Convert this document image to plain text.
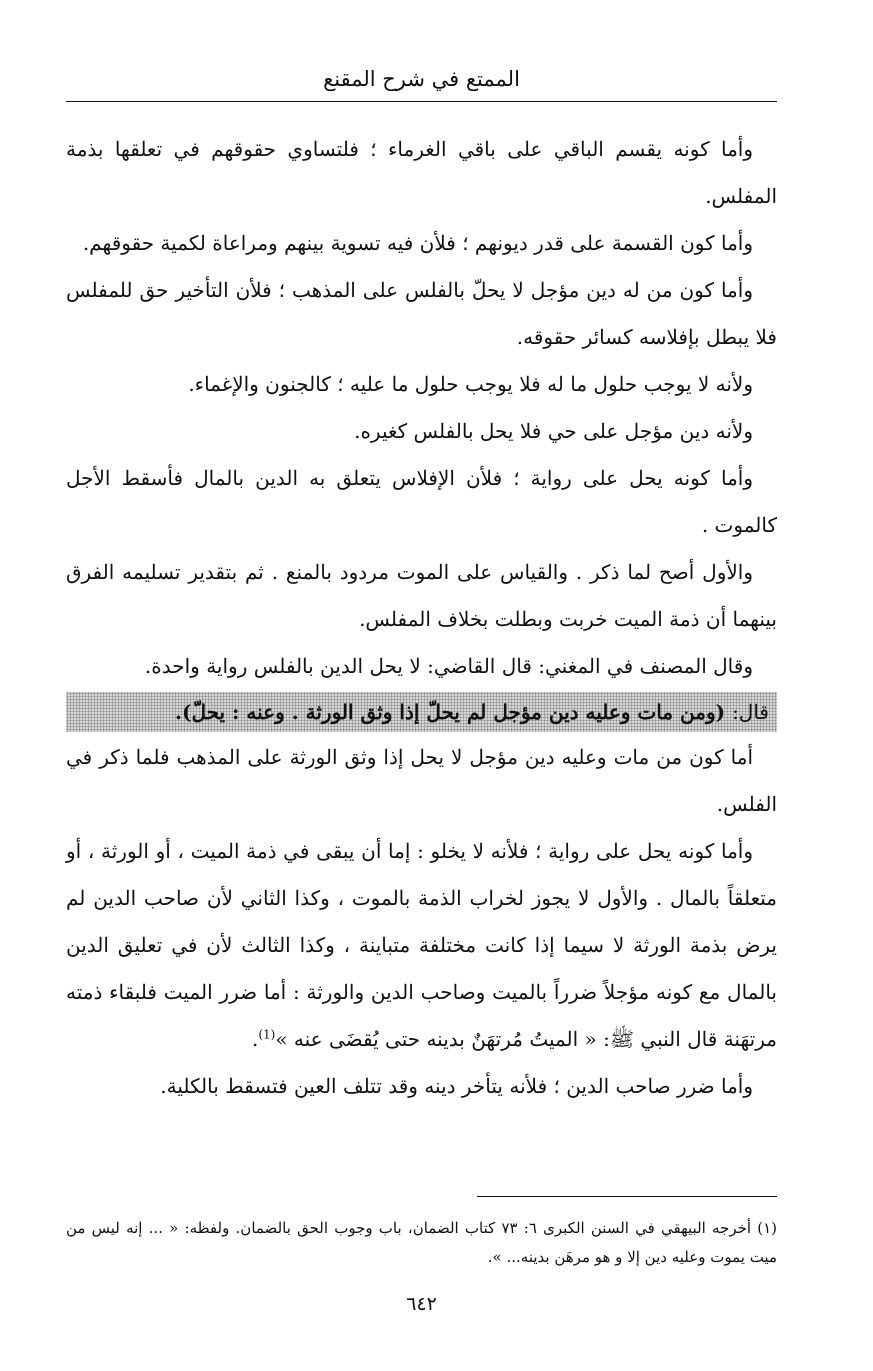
الممتع في شرح المقنع

وأما كونه يقسم الباقي على باقي الغرماء ؛ فلتساوي حقوقهم في تعلقها بذمة المفلس.

وأما كون القسمة على قدر ديونهم ؛ فلأن فيه تسوية بينهم ومراعاة لكمية حقوقهم.

وأما كون من له دين مؤجل لا يحلّ بالفلس على المذهب ؛ فلأن التأخير حق للمفلس فلا يبطل بإفلاسه كسائر حقوقه.

ولأنه لا يوجب حلول ما له فلا يوجب حلول ما عليه ؛ كالجنون والإغماء.

ولأنه دين مؤجل على حي فلا يحل بالفلس كغيره.

وأما كونه يحل على رواية ؛ فلأن الإفلاس يتعلق به الدين بالمال فأسقط الأجل كالموت .

والأول أصح لما ذكر . والقياس على الموت مردود بالمنع . ثم بتقدير تسليمه الفرق بينهما أن ذمة الميت خربت وبطلت بخلاف المفلس.

وقال المصنف في المغني: قال القاضي: لا يحل الدين بالفلس رواية واحدة.

قال: (ومن مات وعليه دين مؤجل لم يحلّ إذا وثق الورثة . وعنه : يحلّ).

أما كون من مات وعليه دين مؤجل لا يحل إذا وثق الورثة على المذهب فلما ذكر في الفلس.

وأما كونه يحل على رواية ؛ فلأنه لا يخلو : إما أن يبقى في ذمة الميت ، أو الورثة ، أو متعلقاً بالمال . والأول لا يجوز لخراب الذمة بالموت ، وكذا الثاني لأن صاحب الدين لم يرض بذمة الورثة لا سيما إذا كانت مختلفة متباينة ، وكذا الثالث لأن في تعليق الدين بالمال مع كونه مؤجلاً ضرراً بالميت وصاحب الدين والورثة : أما ضرر الميت فلبقاء ذمته مرتهَنة قال النبي ﷺ: « الميتُ مُرتهَنٌ بدينه حتى يُقضَى عنه »$^{(1)}$.

وأما ضرر صاحب الدين ؛ فلأنه يتأخر دينه وقد تتلف العين فتسقط بالكلية.

(١) أخرجه البيهقي في السنن الكبرى ٦: ٧٣ كتاب الضمان، باب وجوب الحق بالضمان. ولفظه: « ... إنه ليس من ميت يموت وعليه دين إلا و هو مرهَن بدينه... ».

٦٤٢
